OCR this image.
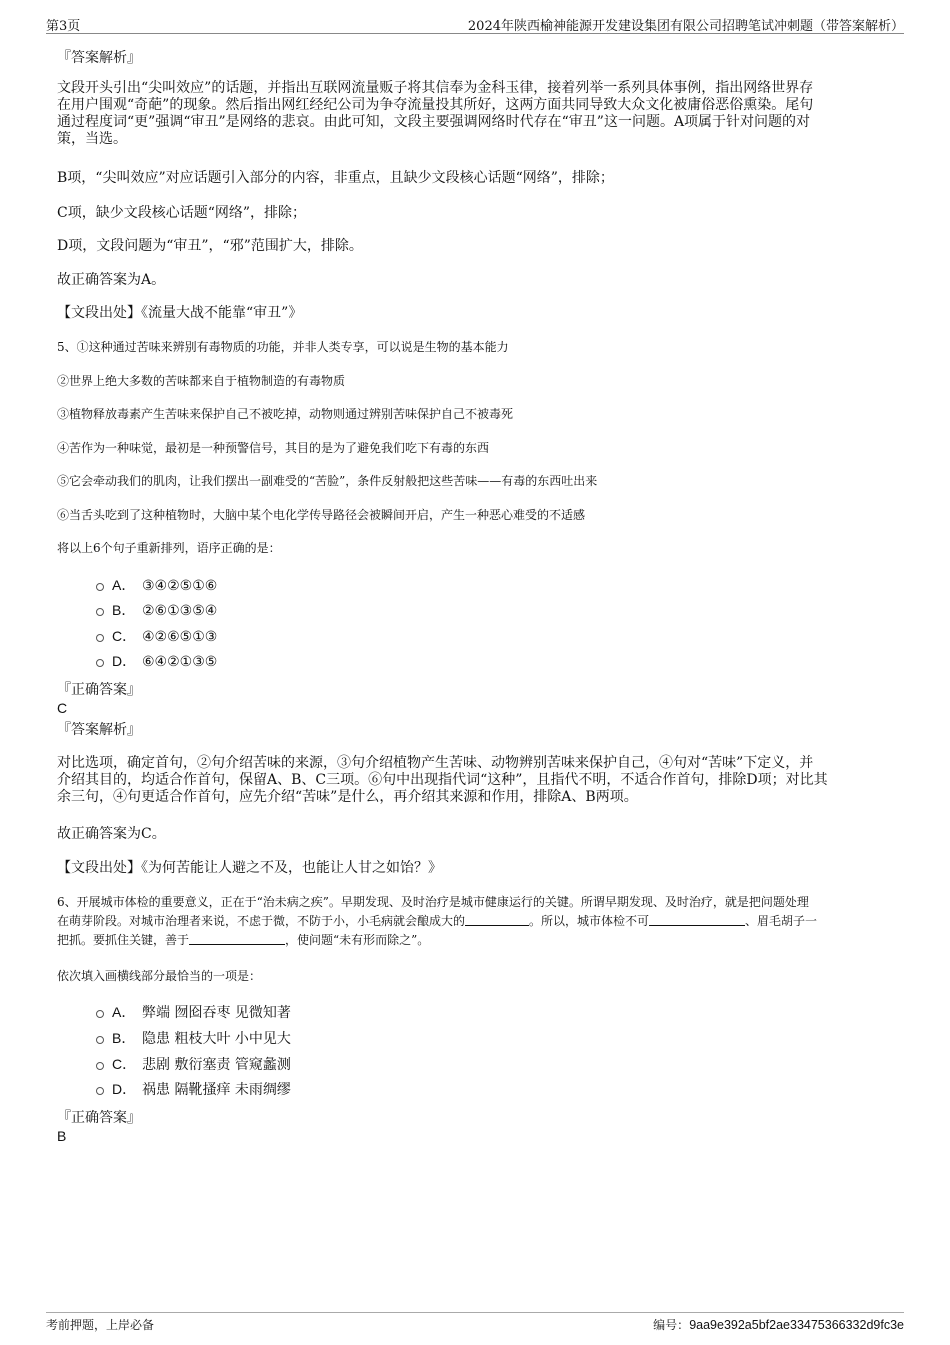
第3页	2024年陕西榆神能源开发建设集团有限公司招聘笔试冲刺题（带答案解析）
『答案解析』
文段开头引出“尖叫效应”的话题，并指出互联网流量贩子将其信奉为金科玉律，接着列举一系列具体事例，指出网络世界存
在用户围观“奇葩”的现象。然后指出网红经纪公司为争夺流量投其所好，这两方面共同导致大众文化被庸俗恶俗熏染。尾句
通过程度词“更”强调“审丑”是网络的悲哀。由此可知，文段主要强调网络时代存在“审丑”这一问题。A项属于针对问题的对
策，当选。
B项，“尖叫效应”对应话题引入部分的内容，非重点，且缺少文段核心话题“网络”，排除；
C项，缺少文段核心话题“网络”，排除；
D项，文段问题为“审丑”，“邪”范围扩大，排除。
故正确答案为A。
【文段出处】《流量大战不能靠“审丑”》
5、①这种通过苦味来辨别有毒物质的功能，并非人类专享，可以说是生物的基本能力
②世界上绝大多数的苦味都来自于植物制造的有毒物质
③植物释放毒素产生苦味来保护自己不被吃掉，动物则通过辨别苦味保护自己不被毒死
④苦作为一种味觉，最初是一种预警信号，其目的是为了避免我们吃下有毒的东西
⑤它会牵动我们的肌肉，让我们摆出一副难受的“苦脸”，条件反射般把这些苦味——有毒的东西吐出来
⑥当舌头吃到了这种植物时，大脑中某个电化学传导路径会被瞬间开启，产生一种恶心难受的不适感
将以上6个句子重新排列，语序正确的是：
A． ③④②⑤①⑥
B． ②⑥①③⑤④
C． ④②⑥⑤①③
D． ⑥④②①③⑤
『正确答案』
C
『答案解析』
对比选项，确定首句，②句介绍苦味的来源，③句介绍植物产生苦味、动物辨别苦味来保护自己，④句对“苦味”下定义，并
介绍其目的，均适合作首句，保留A、B、C三项。⑥句中出现指代词“这种”，且指代不明，不适合作首句，排除D项；对比其
余三句，④句更适合作首句，应先介绍“苦味”是什么，再介绍其来源和作用，排除A、B两项。
故正确答案为C。
【文段出处】《为何苦能让人避之不及，也能让人甘之如饴？》
6、开展城市体检的重要意义，正在于“治未病之疾”。早期发现、及时治疗是城市健康运行的关键。所谓早期发现、及时治疗，就是把问题处理
在萌芽阶段。对城市治理者来说，不虑于微，不防于小，小毛病就会酿成大的	。所以，城市体检不可	、眉毛胡子一
把抓。要抓住关键，善于	，使问题“未有形而除之”。
依次填入画横线部分最恰当的一项是：
A． 弊端 囫囵吞枣 见微知著
B． 隐患 粗枝大叶 小中见大
C． 悲剧 敷衍塞责 管窥蠡测
D． 祸患 隔靴搔痒 未雨绸缪
『正确答案』
B
考前押题，上岸必备	编号：9aa9e392a5bf2ae33475366332d9fc3e
